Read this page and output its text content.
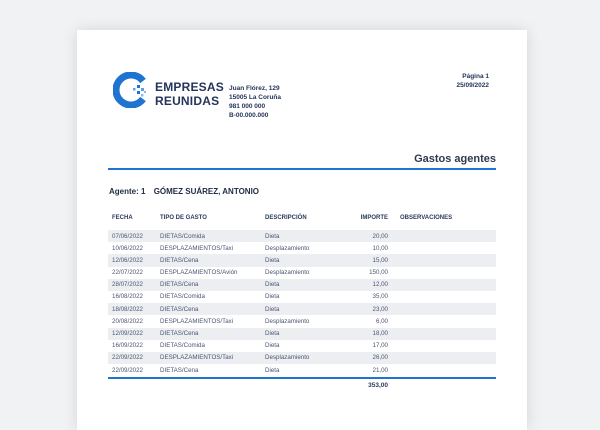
EMPRESAS
REUNIDAS
Juan Flórez, 129
15005 La Coruña
981 000 000
B-00.000.000
Página 1
25/09/2022
Gastos agentes
Agente: 1 GÓMEZ SUÁREZ, ANTONIO
FECHA	TIPO DE GASTO	DESCRIPCIÓN	IMPORTE OBSERVACIONES
07/06/2022	DIETAS/Comida	Dieta	20,00
10/06/2022	DESPLAZAMIENTOS/Taxi	Desplazamiento	10,00
12/06/2022	DIETAS/Cena	Dieta	15,00
22/07/2022	DESPLAZAMIENTOS/Avión	Desplazamiento	150,00
28/07/2022	DIETAS/Cena	Dieta	12,00
16/08/2022	DIETAS/Comida	Dieta	35,00
18/08/2022	DIETAS/Cena	Dieta	23,00
20/08/2022	DESPLAZAMIENTOS/Taxi	Desplazamiento	6,00
12/09/2022	DIETAS/Cena	Dieta	18,00
16/09/2022	DIETAS/Comida	Dieta	17,00
22/09/2022	DESPLAZAMIENTOS/Taxi	Desplazamiento	26,00
22/09/2022	DIETAS/Cena	Dieta	21,00
353,00
